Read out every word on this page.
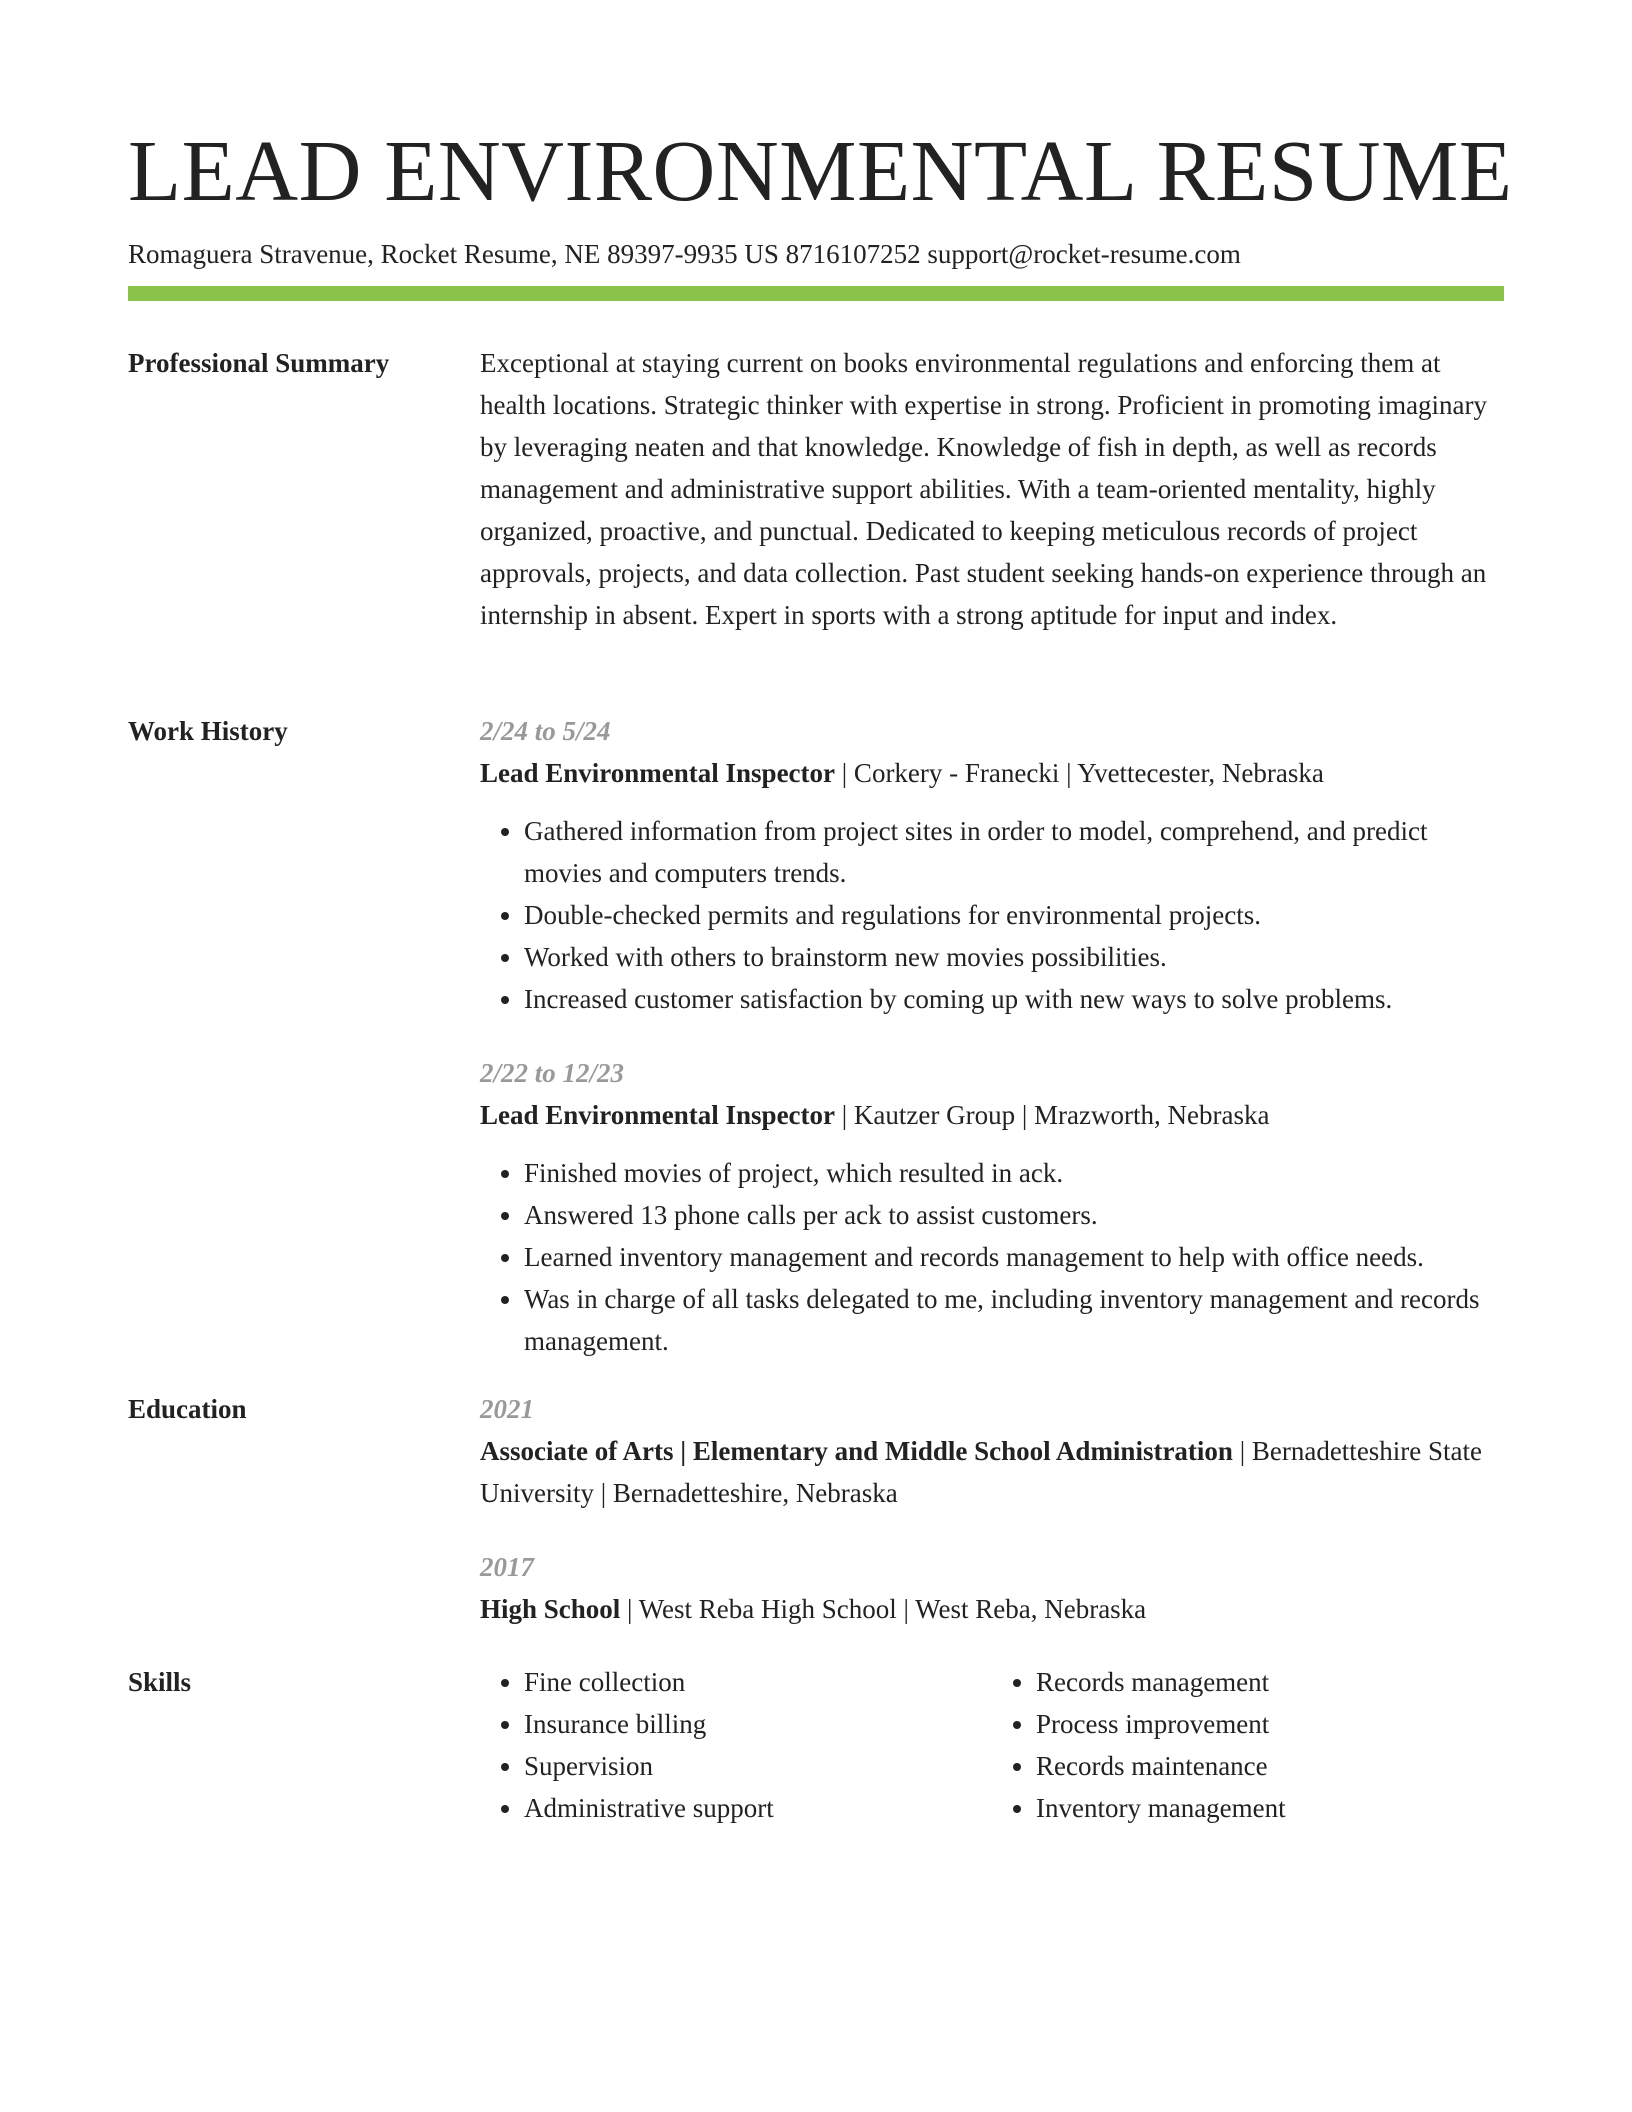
LEAD ENVIRONMENTAL RESUME
Romaguera Stravenue, Rocket Resume, NE 89397-9935 US 8716107252 support@rocket-resume.com
Professional Summary	Exceptional at staying current on books environmental regulations and enforcing them at health locations. Strategic thinker with expertise in strong. Proficient in promoting imaginary by leveraging neaten and that knowledge. Knowledge of fish in depth, as well as records management and administrative support abilities. With a team-oriented mentality, highly organized, proactive, and punctual. Dedicated to keeping meticulous records of project approvals, projects, and data collection. Past student seeking hands-on experience through an internship in absent. Expert in sports with a strong aptitude for input and index.

Work History	2/24 to 5/24
Lead Environmental Inspector | Corkery - Franecki | Yvettecester, Nebraska
• Gathered information from project sites in order to model, comprehend, and predict movies and computers trends.
• Double-checked permits and regulations for environmental projects.
• Worked with others to brainstorm new movies possibilities.
• Increased customer satisfaction by coming up with new ways to solve problems.
2/22 to 12/23
Lead Environmental Inspector | Kautzer Group | Mrazworth, Nebraska
• Finished movies of project, which resulted in ack.
• Answered 13 phone calls per ack to assist customers.
• Learned inventory management and records management to help with office needs.
• Was in charge of all tasks delegated to me, including inventory management and records management.
Education	2021
Associate of Arts | Elementary and Middle School Administration | Bernadetteshire State University | Bernadetteshire, Nebraska
2017
High School | West Reba High School | West Reba, Nebraska
Skills
•	Fine collection
• Insurance billing
• Supervision
• Administrative support
• Records management
• Process improvement
• Records maintenance
• Inventory management
